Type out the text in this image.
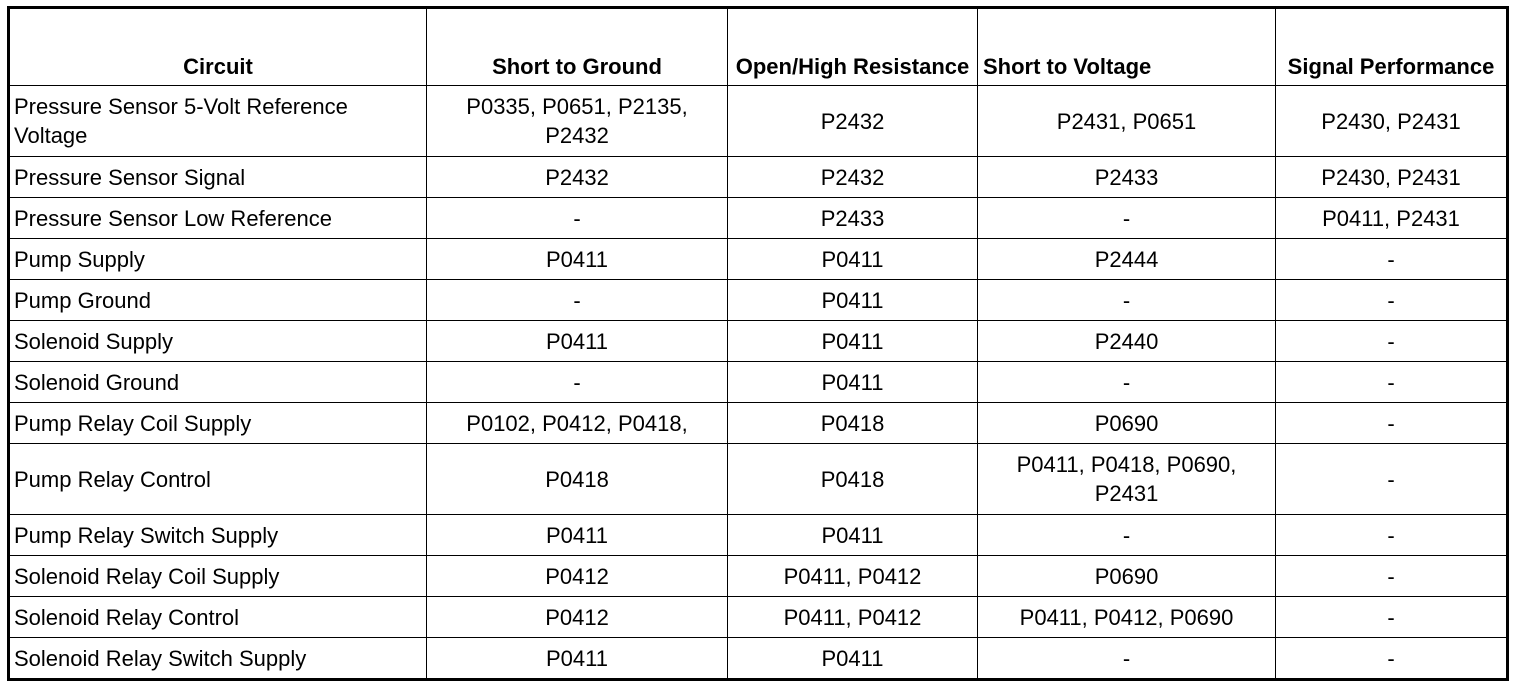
Circuit	Short to Ground	Open/High Resistance	Short to Voltage	Signal Performance
Pressure Sensor 5-Volt Reference Voltage	P0335, P0651, P2135, P2432	P2432	P2431, P0651	P2430, P2431
Pressure Sensor Signal	P2432	P2432	P2433	P2430, P2431
Pressure Sensor Low Reference	-	P2433	-	P0411, P2431
Pump Supply	P0411	P0411	P2444	-
Pump Ground	-	P0411	-	-
Solenoid Supply	P0411	P0411	P2440	-
Solenoid Ground	-	P0411	-	-
Pump Relay Coil Supply	P0102, P0412, P0418,	P0418	P0690	-
Pump Relay Control	P0418	P0418	P0411, P0418, P0690, P2431	-
Pump Relay Switch Supply	P0411	P0411	-	-
Solenoid Relay Coil Supply	P0412	P0411, P0412	P0690	-
Solenoid Relay Control	P0412	P0411, P0412	P0411, P0412, P0690	-
Solenoid Relay Switch Supply	P0411	P0411	-	-
